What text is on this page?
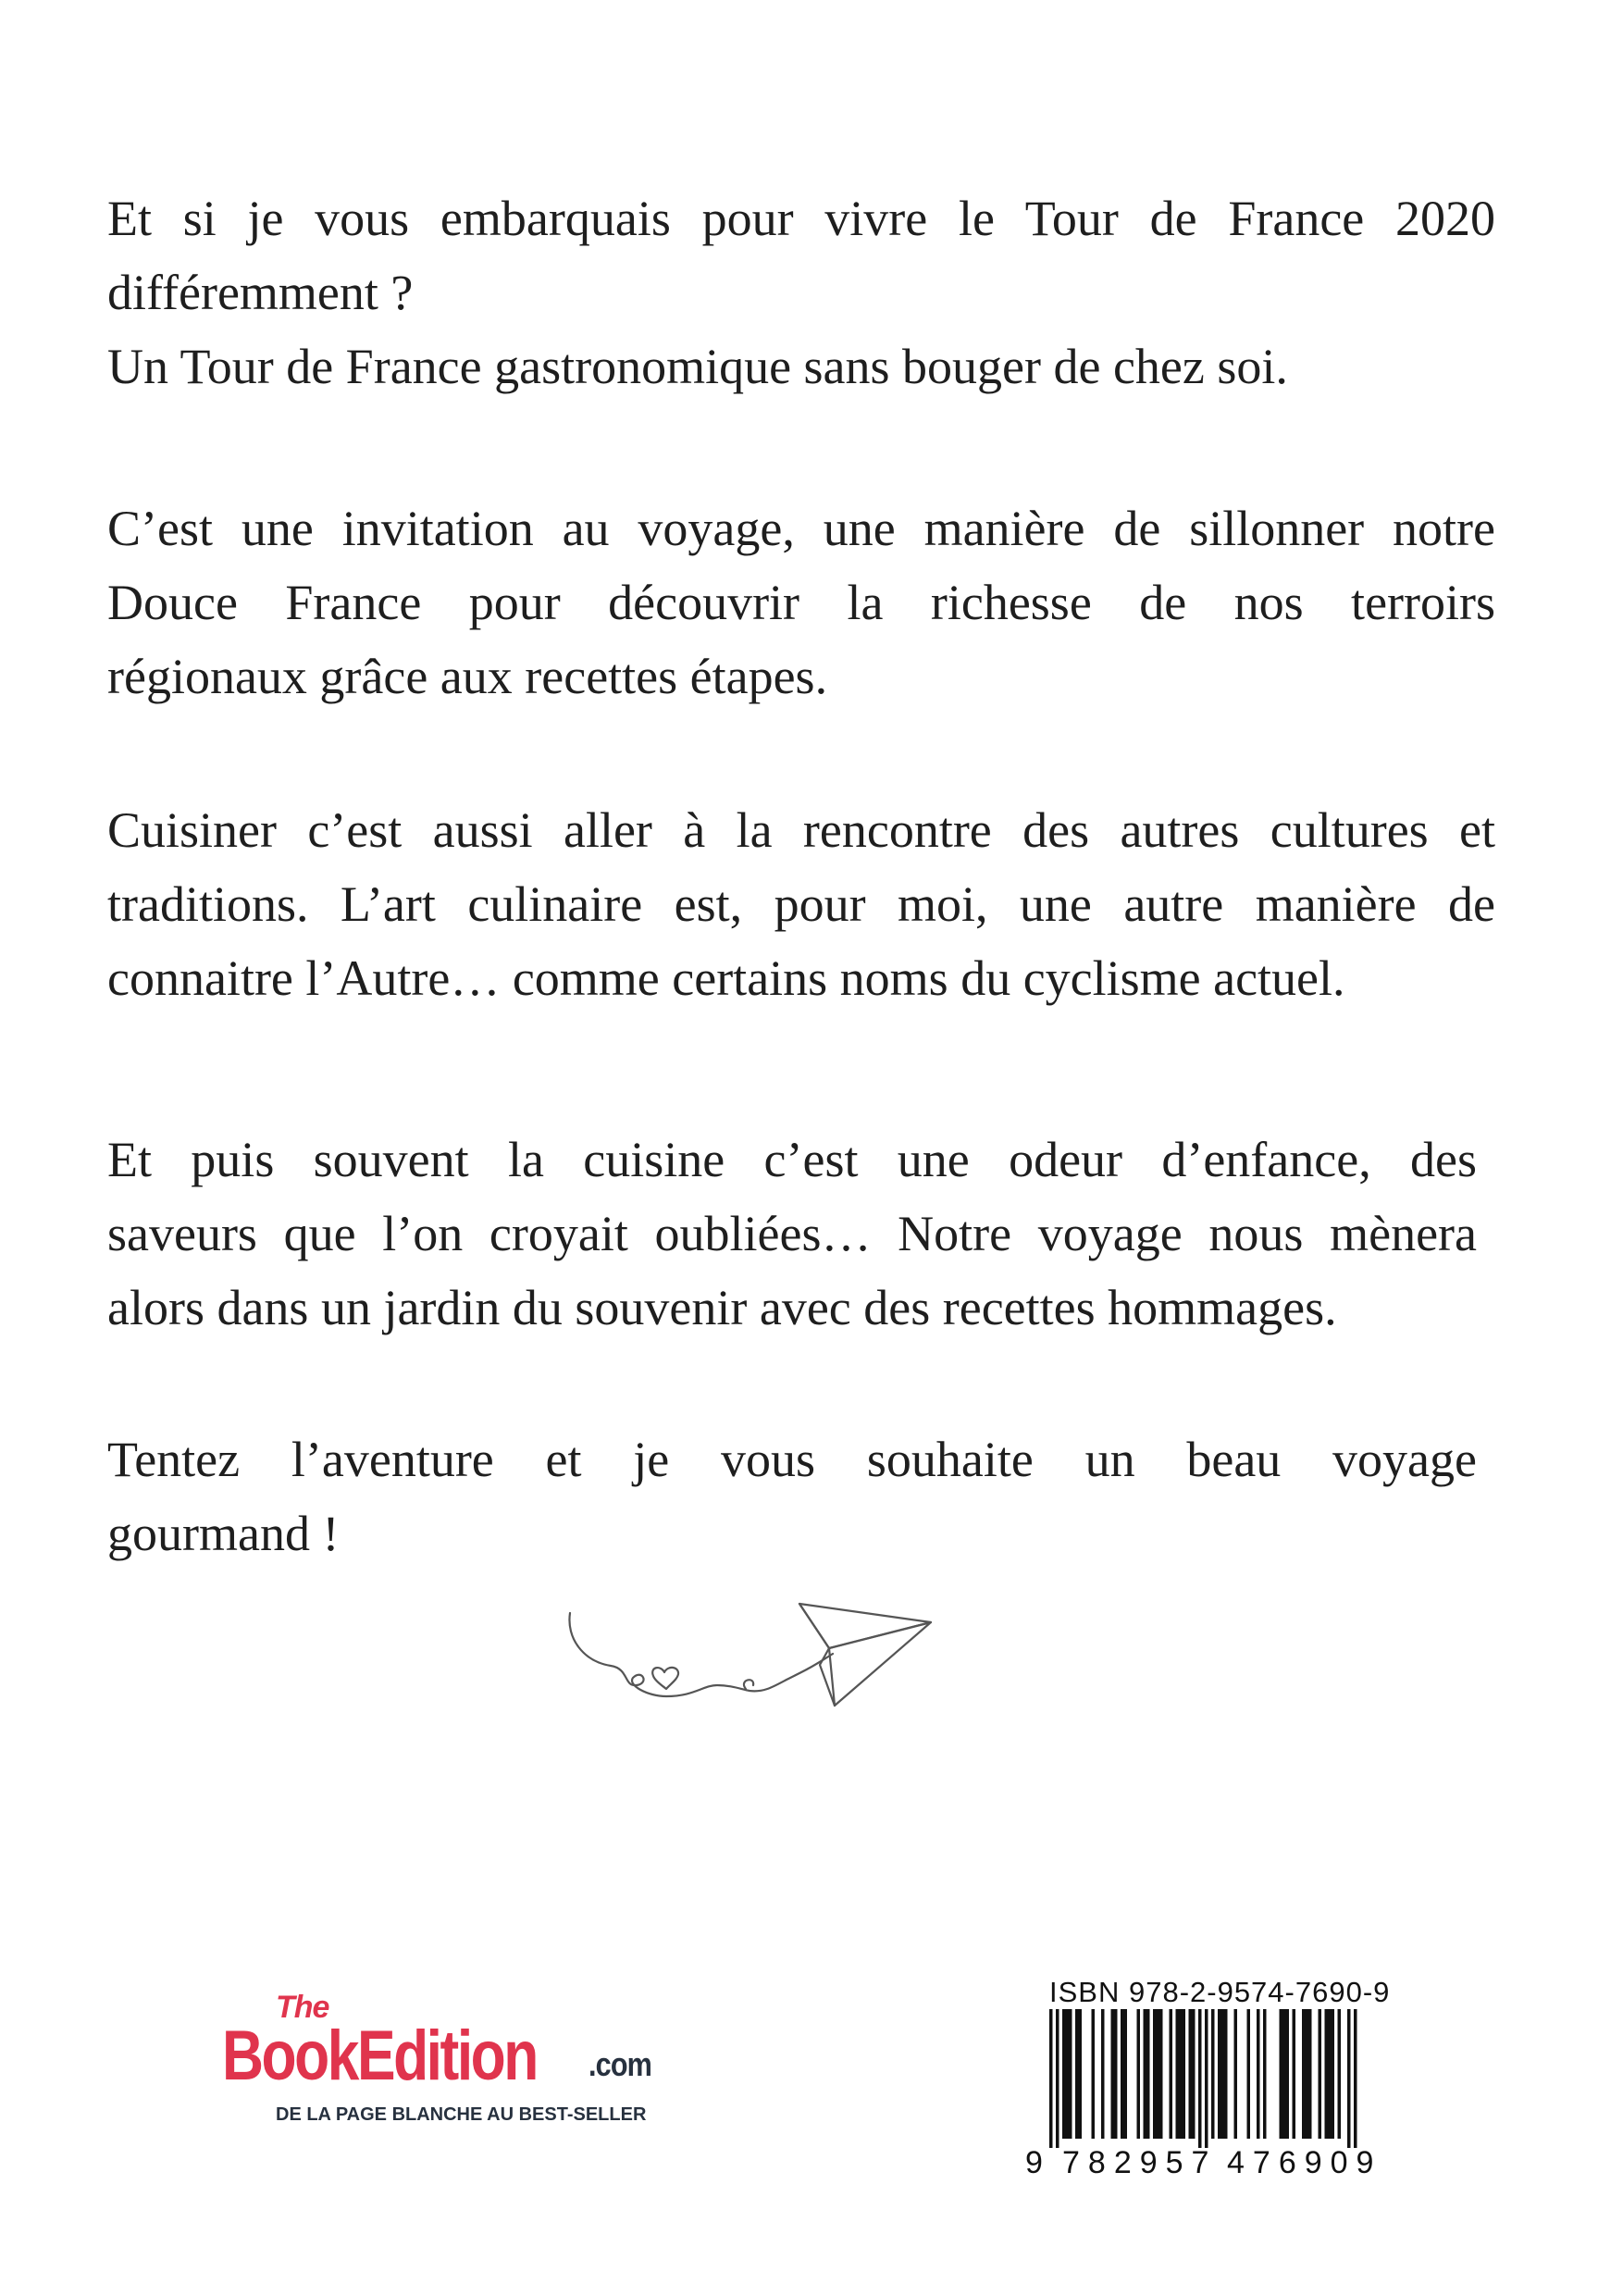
Et si je vous embarquais pour vivre le Tour de France 2020
différemment ?
Un Tour de France gastronomique sans bouger de chez soi.
C’est une invitation au voyage, une manière de sillonner notre
Douce France pour découvrir la richesse de nos terroirs
régionaux grâce aux recettes étapes.
Cuisiner c’est aussi aller à la rencontre des autres cultures et
traditions. L’art culinaire est, pour moi, une autre manière de
connaitre l’Autre… comme certains noms du cyclisme actuel.
Et puis souvent la cuisine c’est une odeur d’enfance, des
saveurs que l’on croyait oubliées… Notre voyage nous mènera
alors dans un jardin du souvenir avec des recettes hommages.
Tentez l’aventure et je vous souhaite un beau voyage
gourmand !
The
BookEdition .com
DE LA PAGE BLANCHE AU BEST-SELLER
ISBN 978-2-9574-7690-9
9 782957 476909
